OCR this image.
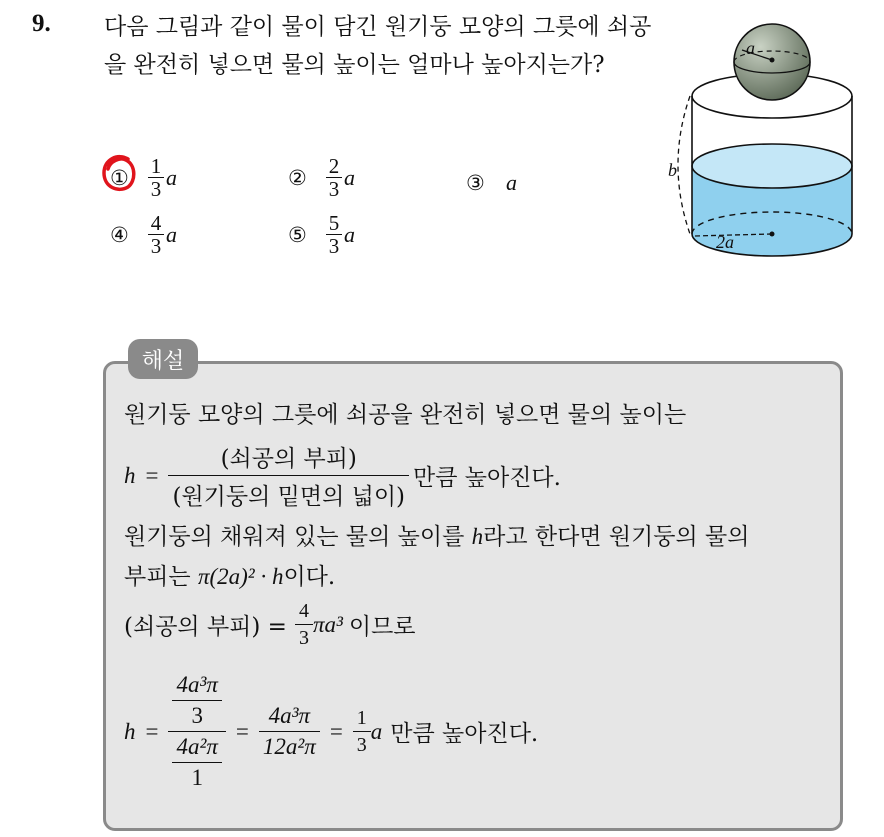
9. 다음 그림과 같이 물이 담긴 원기둥 모양의 그릇에 쇠공을 완전히 넣으면 물의 높이는 얼마나 높아지는가?
① $\frac{1}{3}$ a	② $\frac{2}{3}$ a	③ a
④ $\frac{4}{3}$ a	⑤ $\frac{5}{3}$ a
a
b
2a
해설
원기둥 모양의 그릇에 쇠공을 완전히 넣으면 물의 높이는
$h = \frac{\text{(쇠공의 부피)}}{\text{(원기둥의 밑면의 넓이)}}$ 만큼 높아진다.
원기둥의 채워져 있는 물의 높이를 h라고 한다면 원기둥의 물의
부피는 π(2a)² · h이다.
(쇠공의 부피) = $\frac{4}{3} \pi a^3$ 이므로
$h = \frac{\frac{\text{4a³π}}{3}}{\frac{\text{4a²π}}{1}} = \frac{\text{4a³π}}{\text{12a²π}} = \frac{1}{3}$ a 만큼 높아진다.
